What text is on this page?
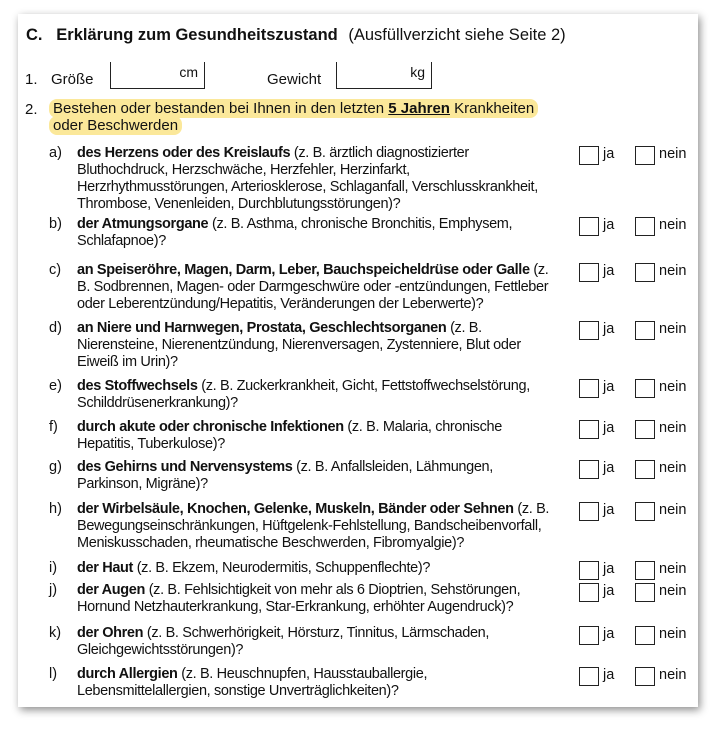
C. Erklärung zum Gesundheitszustand (Ausfüllverzicht siehe Seite 2)
1. Größe	cm	Gewicht	kg
2. Bestehen oder bestanden bei Ihnen in den letzten 5 Jahren Krankheiten oder Beschwerden
a) des Herzens oder des Kreislaufs (z. B. ärztlich diagnostizierter Bluthochdruck, Herzschwäche, Herzfehler, Herzinfarkt, Herzrhythmusstörungen, Arteriosklerose, Schlaganfall, Verschlusskrankheit, Thrombose, Venenleiden, Durchblutungsstörungen)?
ja	nein
b) der Atmungsorgane (z. B. Asthma, chronische Bronchitis, Emphysem, Schlafapnoe)?
ja	nein
c) an Speiseröhre, Magen, Darm, Leber, Bauchspeicheldrüse oder Galle (z. B. Sodbrennen, Magen- oder Darmgeschwüre oder -entzündungen, Fettleber oder Leberentzündung/Hepatitis, Veränderungen der Leberwerte)?
ja	nein
d) an Niere und Harnwegen, Prostata, Geschlechtsorganen (z. B. Nierensteine, Nierenentzündung, Nierenversagen, Zystenniere, Blut oder Eiweiß im Urin)?
ja	nein
e) des Stoffwechsels (z. B. Zuckerkrankheit, Gicht, Fettstoffwechselstörung, Schilddrüsenerkrankung)?
ja	nein
f) durch akute oder chronische Infektionen (z. B. Malaria, chronische Hepatitis, Tuberkulose)?
ja	nein
g) des Gehirns und Nervensystems (z. B. Anfallsleiden, Lähmungen, Parkinson, Migräne)?
ja	nein
h) der Wirbelsäule, Knochen, Gelenke, Muskeln, Bänder oder Sehnen (z. B. Bewegungseinschränkungen, Hüftgelenk-Fehlstellung, Bandscheibenvorfall, Meniskusschaden, rheumatische Beschwerden, Fibromyalgie)?
ja	nein
i) der Haut (z. B. Ekzem, Neurodermitis, Schuppenflechte)?	ja	nein
j) der Augen (z. B. Fehlsichtigkeit von mehr als 6 Dioptrien, Sehstörungen, Hornund Netzhauterkrankung, Star-Erkrankung, erhöhter Augendruck)?
ja	nein
k) der Ohren (z. B. Schwerhörigkeit, Hörsturz, Tinnitus, Lärmschaden, Gleichgewichtsstörungen)?
ja	nein
l) durch Allergien (z. B. Heuschnupfen, Hausstauballergie, Lebensmittelallergien, sonstige Unverträglichkeiten)?
ja	nein
